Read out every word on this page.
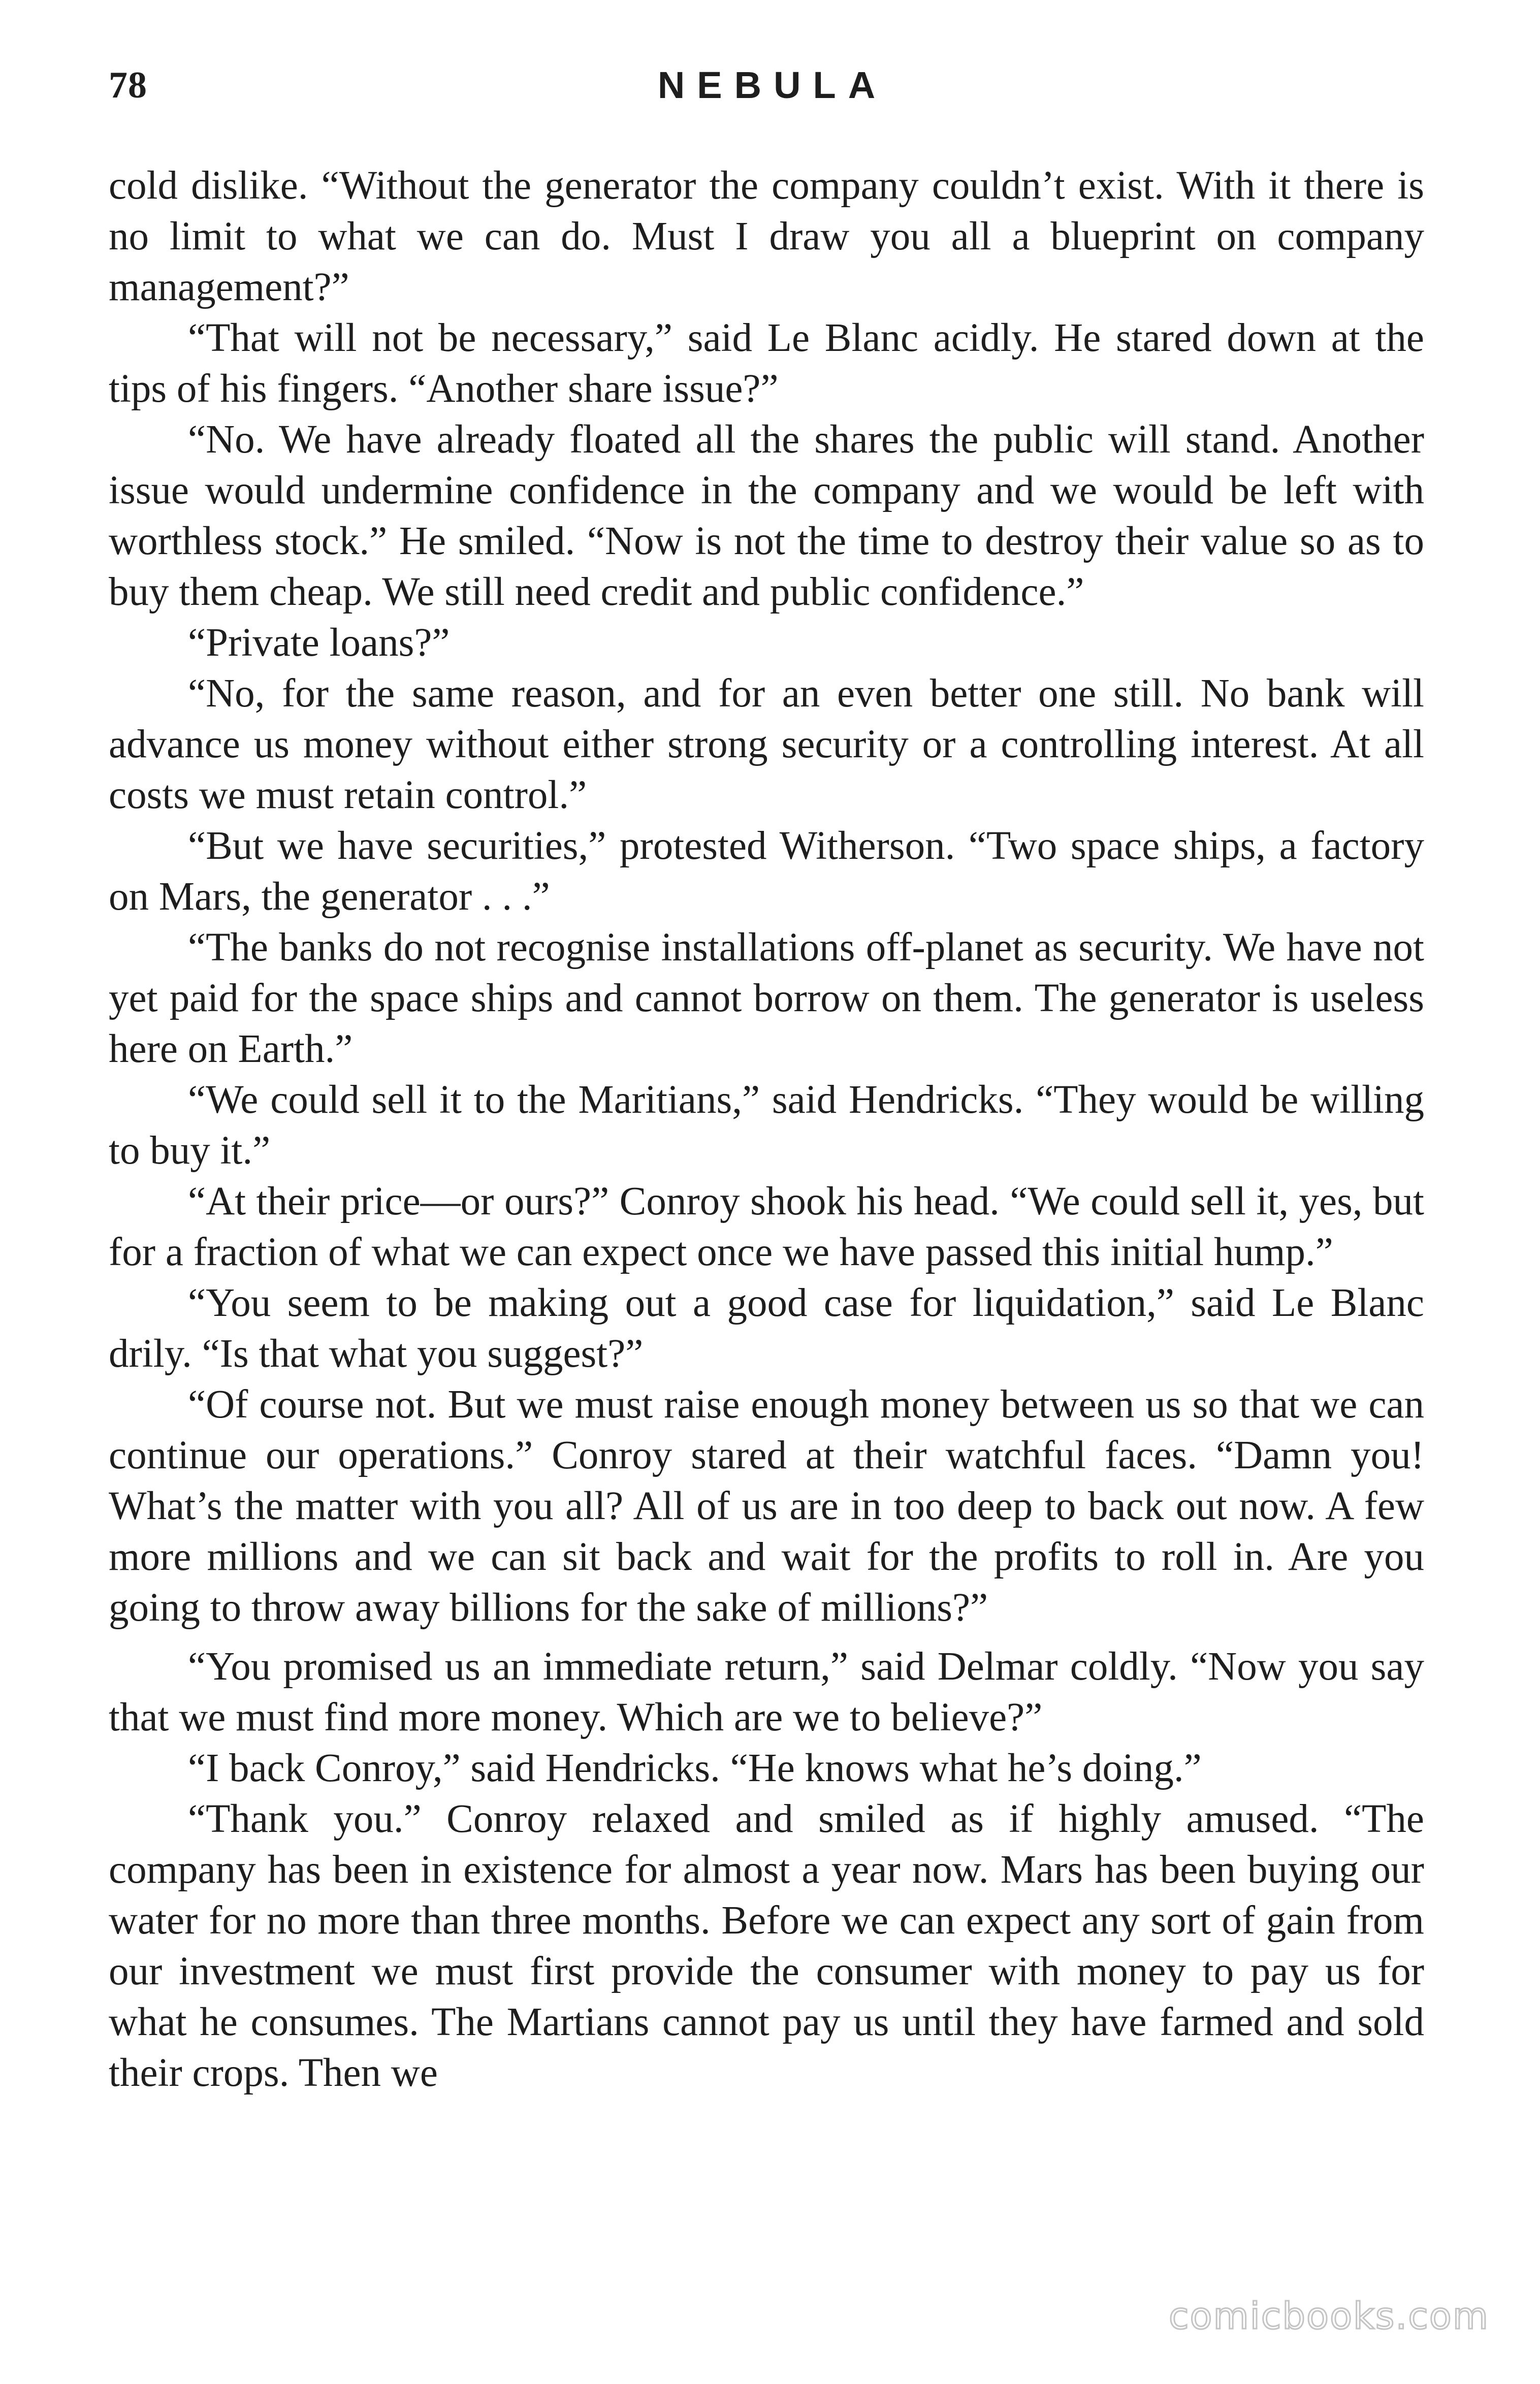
78	NEBULA

cold dislike. “Without the generator the company couldn’t exist. With it there is no limit to what we can do. Must I draw you all a blueprint on company management?”

“That will not be necessary,” said Le Blanc acidly. He stared down at the tips of his fingers. “Another share issue?”

“No. We have already floated all the shares the public will stand. Another issue would undermine confidence in the company and we would be left with worthless stock.” He smiled. “Now is not the time to destroy their value so as to buy them cheap. We still need credit and public confidence.”

“Private loans?”

“No, for the same reason, and for an even better one still. No bank will advance us money without either strong security or a controlling interest. At all costs we must retain control.”

“But we have securities,” protested Witherson. “Two space ships, a factory on Mars, the generator . . .”

“The banks do not recognise installations off-planet as security. We have not yet paid for the space ships and cannot borrow on them. The generator is useless here on Earth.”

“We could sell it to the Maritians,” said Hendricks. “They would be willing to buy it.”

“At their price—or ours?” Conroy shook his head. “We could sell it, yes, but for a fraction of what we can expect once we have passed this initial hump.”

“You seem to be making out a good case for liquidation,” said Le Blanc drily. “Is that what you suggest?”

“Of course not. But we must raise enough money between us so that we can continue our operations.” Conroy stared at their watchful faces. “Damn you! What’s the matter with you all? All of us are in too deep to back out now. A few more millions and we can sit back and wait for the profits to roll in. Are you going to throw away billions for the sake of millions?”

“You promised us an immediate return,” said Delmar coldly. “Now you say that we must find more money. Which are we to believe?”

“I back Conroy,” said Hendricks. “He knows what he’s doing.”

“Thank you.” Conroy relaxed and smiled as if highly amused. “The company has been in existence for almost a year now. Mars has been buying our water for no more than three months. Before we can expect any sort of gain from our investment we must first provide the consumer with money to pay us for what he consumes. The Martians cannot pay us until they have farmed and sold their crops. Then we

comicbooks.com
